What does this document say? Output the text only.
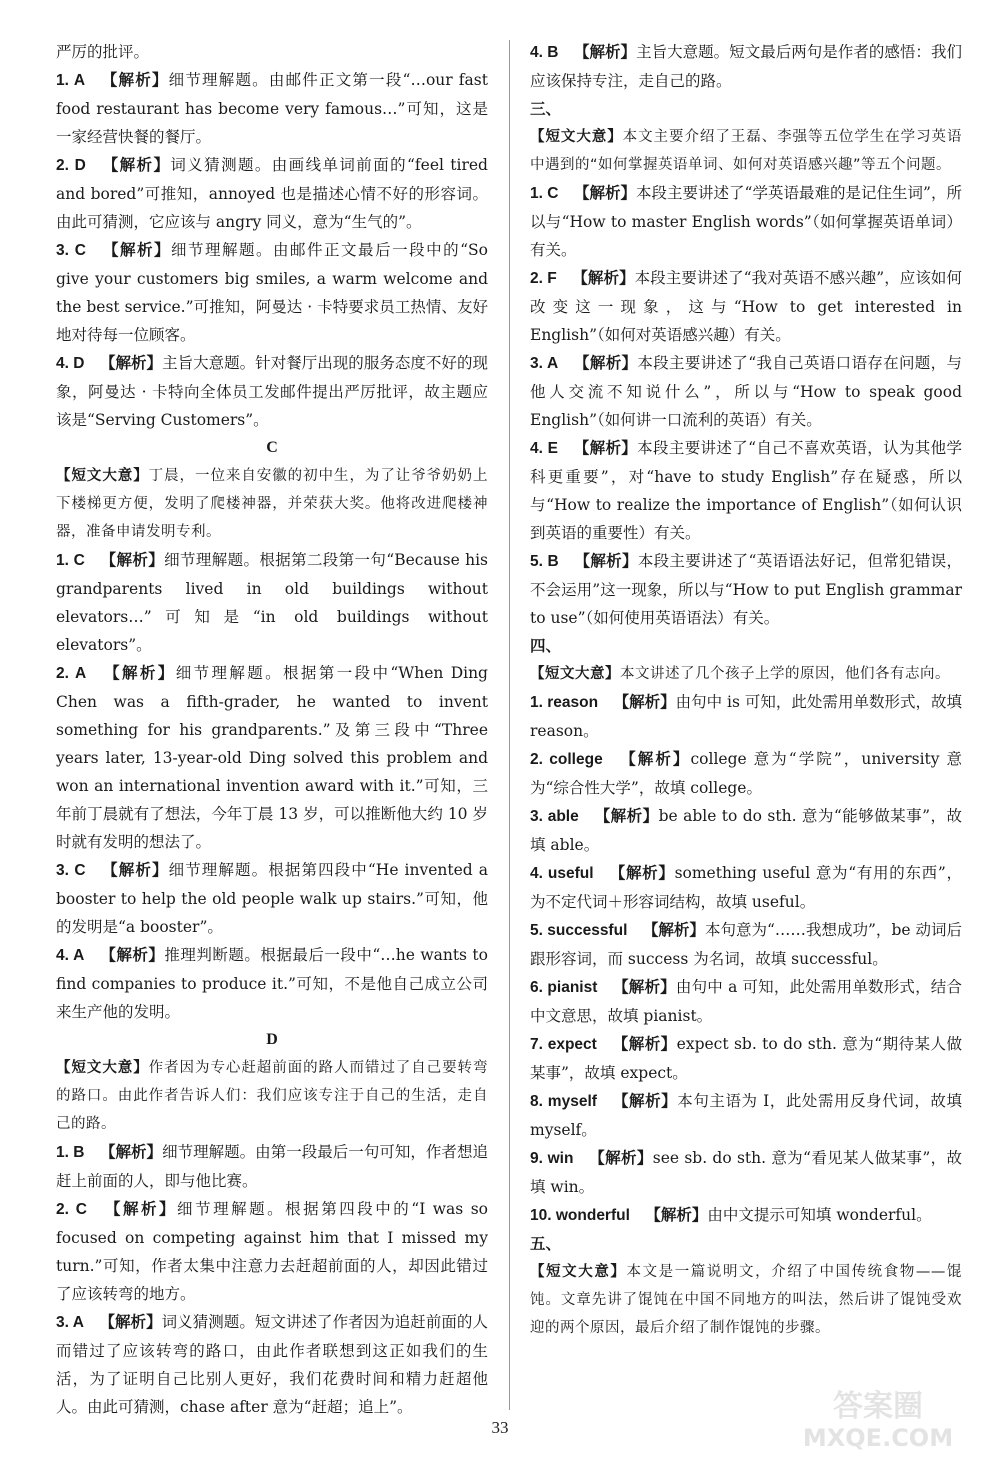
严厉的批评。

1. A  【解析】细节理解题。由邮件正文第一段“…our fast food restaurant has become very famous…”可知，这是一家经营快餐的餐厅。

2. D  【解析】词义猜测题。由画线单词前面的“feel tired and bored”可推知，annoyed 也是描述心情不好的形容词。由此可猜测，它应该与 angry 同义，意为“生气的”。

3. C  【解析】细节理解题。由邮件正文最后一段中的“So give your customers big smiles, a warm welcome and the best service.”可推知，阿曼达 · 卡特要求员工热情、友好地对待每一位顾客。

4. D  【解析】主旨大意题。针对餐厅出现的服务态度不好的现象，阿曼达 · 卡特向全体员工发邮件提出严厉批评，故主题应该是“Serving Customers”。

C

【短文大意】丁晨，一位来自安徽的初中生，为了让爷爷奶奶上下楼梯更方便，发明了爬楼神器，并荣获大奖。他将改进爬楼神器，准备申请发明专利。

1. C  【解析】细节理解题。根据第二段第一句“Because his grandparents lived in old buildings without elevators…”可知是“in old buildings without elevators”。

2. A  【解析】细节理解题。根据第一段中“When Ding Chen was a fifth-grader, he wanted to invent something for his grandparents.”及第三段中“Three years later, 13-year-old Ding solved this problem and won an international invention award with it.”可知，三年前丁晨就有了想法，今年丁晨 13 岁，可以推断他大约 10 岁时就有发明的想法了。

3. C  【解析】细节理解题。根据第四段中“He invented a booster to help the old people walk up stairs.”可知，他的发明是“a booster”。

4. A  【解析】推理判断题。根据最后一段中“…he wants to find companies to produce it.”可知，不是他自己成立公司来生产他的发明。

D

【短文大意】作者因为专心赶超前面的路人而错过了自己要转弯的路口。由此作者告诉人们：我们应该专注于自己的生活，走自己的路。

1. B  【解析】细节理解题。由第一段最后一句可知，作者想追赶上前面的人，即与他比赛。

2. C  【解析】细节理解题。根据第四段中的“I was so focused on competing against him that I missed my turn.”可知，作者太集中注意力去赶超前面的人，却因此错过了应该转弯的地方。

3. A  【解析】词义猜测题。短文讲述了作者因为追赶前面的人而错过了应该转弯的路口，由此作者联想到这正如我们的生活，为了证明自己比别人更好，我们花费时间和精力赶超他人。由此可猜测，chase after 意为“赶超；追上”。

4. B  【解析】主旨大意题。短文最后两句是作者的感悟：我们应该保持专注，走自己的路。

三、

【短文大意】本文主要介绍了王磊、李强等五位学生在学习英语中遇到的“如何掌握英语单词、如何对英语感兴趣”等五个问题。

1. C  【解析】本段主要讲述了“学英语最难的是记住生词”，所以与“How to master English words”（如何掌握英语单词）有关。

2. F  【解析】本段主要讲述了“我对英语不感兴趣”，应该如何改变这一现象，这与“How to get interested in English”（如何对英语感兴趣）有关。

3. A  【解析】本段主要讲述了“我自己英语口语存在问题，与他人交流不知说什么”，所以与“How to speak good English”（如何讲一口流利的英语）有关。

4. E  【解析】本段主要讲述了“自己不喜欢英语，认为其他学科更重要”，对“have to study English”存在疑惑，所以与“How to realize the importance of English”（如何认识到英语的重要性）有关。

5. B  【解析】本段主要讲述了“英语语法好记，但常犯错误，不会运用”这一现象，所以与“How to put English grammar to use”（如何使用英语语法）有关。

四、

【短文大意】本文讲述了几个孩子上学的原因，他们各有志向。

1. reason  【解析】由句中 is 可知，此处需用单数形式，故填 reason。

2. college  【解析】college 意为“学院”，university 意为“综合性大学”，故填 college。

3. able  【解析】be able to do sth. 意为“能够做某事”，故填 able。

4. useful  【解析】something useful 意为“有用的东西”，为不定代词＋形容词结构，故填 useful。

5. successful  【解析】本句意为“……我想成功”，be 动词后跟形容词，而 success 为名词，故填 successful。

6. pianist  【解析】由句中 a 可知，此处需用单数形式，结合中文意思，故填 pianist。

7. expect  【解析】expect sb. to do sth. 意为“期待某人做某事”，故填 expect。

8. myself  【解析】本句主语为 I，此处需用反身代词，故填 myself。

9. win  【解析】see sb. do sth. 意为“看见某人做某事”，故填 win。

10. wonderful  【解析】由中文提示可知填 wonderful。

五、

【短文大意】本文是一篇说明文，介绍了中国传统食物——馄饨。文章先讲了馄饨在中国不同地方的叫法，然后讲了馄饨受欢迎的两个原因，最后介绍了制作馄饨的步骤。

33
答案圈
MXQE.COM
